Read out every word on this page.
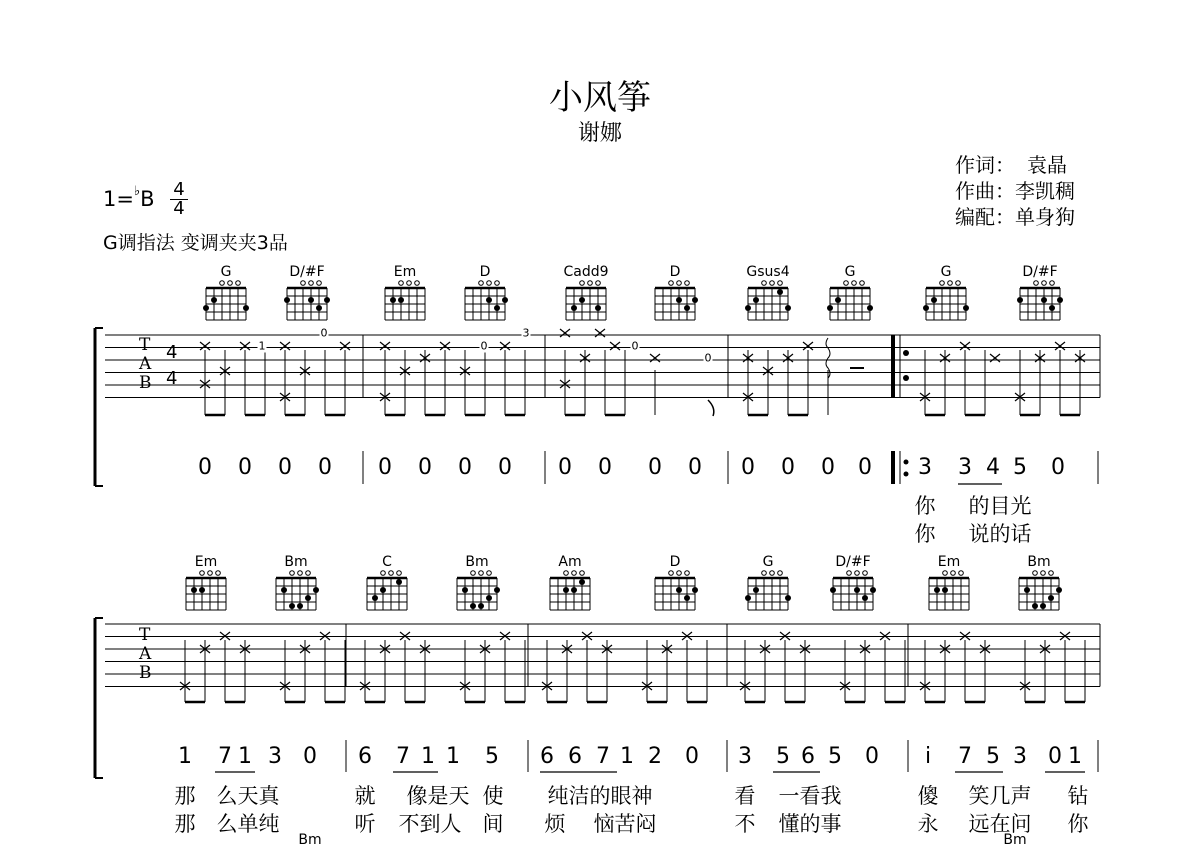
小风筝
谢娜
作词： 袁晶
作曲：李凯稠
编配：单身狗
$1=^♭B \frac{4}{4}$
G调指法 变调夹夹3品
T
A
B
4
4
T
A
B
G	D/#F	Em	D	Cadd9	D	Gsus4	G	G	D/#F
1
0
0
3
0
0
0 0 0 0 0 0 0 0 0 0 0 0 0 0 0 0 3 3 4 5 0
你 的目光
你 说的话
Em	Bm	C	Bm	Am	D	G	D/#F	Em	Bm
1 7 1 3 0 6 7 1 1 5 6 6 7 1 2 0 3 5 6 5 0 i 7 5 3 0 1
那 么天真	就 像是天 使 纯洁的眼神	看 一看我	傻 笑几声 钻
那 么单纯	听 不到人 间 烦 恼苦闷	不 懂的事	永 远在问 你
Bm	Bm
